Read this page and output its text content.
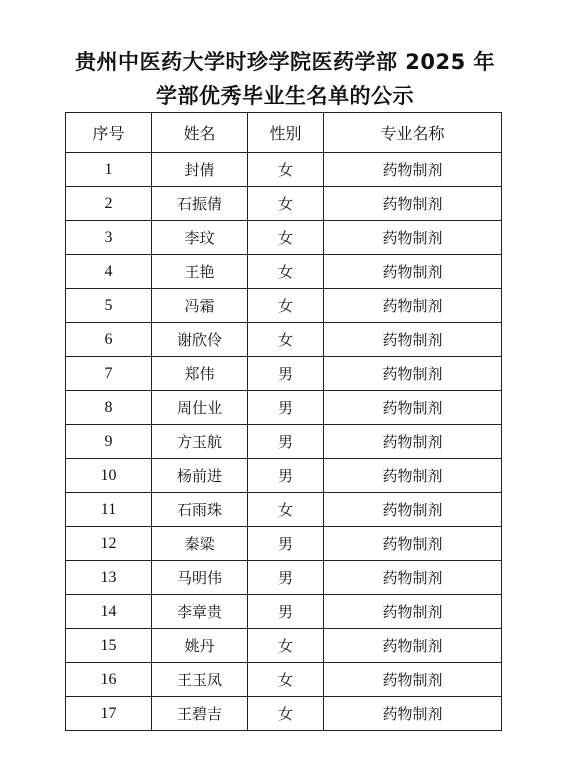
贵州中医药大学时珍学院医药学部 2025 年
学部优秀毕业生名单的公示
序号	姓名	性别	专业名称
1	封倩	女	药物制剂
2	石振倩	女	药物制剂
3	李玟	女	药物制剂
4	王艳	女	药物制剂
5	冯霜	女	药物制剂
6	谢欣伶	女	药物制剂
7	郑伟	男	药物制剂
8	周仕业	男	药物制剂
9	方玉航	男	药物制剂
10	杨前进	男	药物制剂
11	石雨珠	女	药物制剂
12	秦粱	男	药物制剂
13	马明伟	男	药物制剂
14	李章贵	男	药物制剂
15	姚丹	女	药物制剂
16	王玉凤	女	药物制剂
17	王碧吉	女	药物制剂
